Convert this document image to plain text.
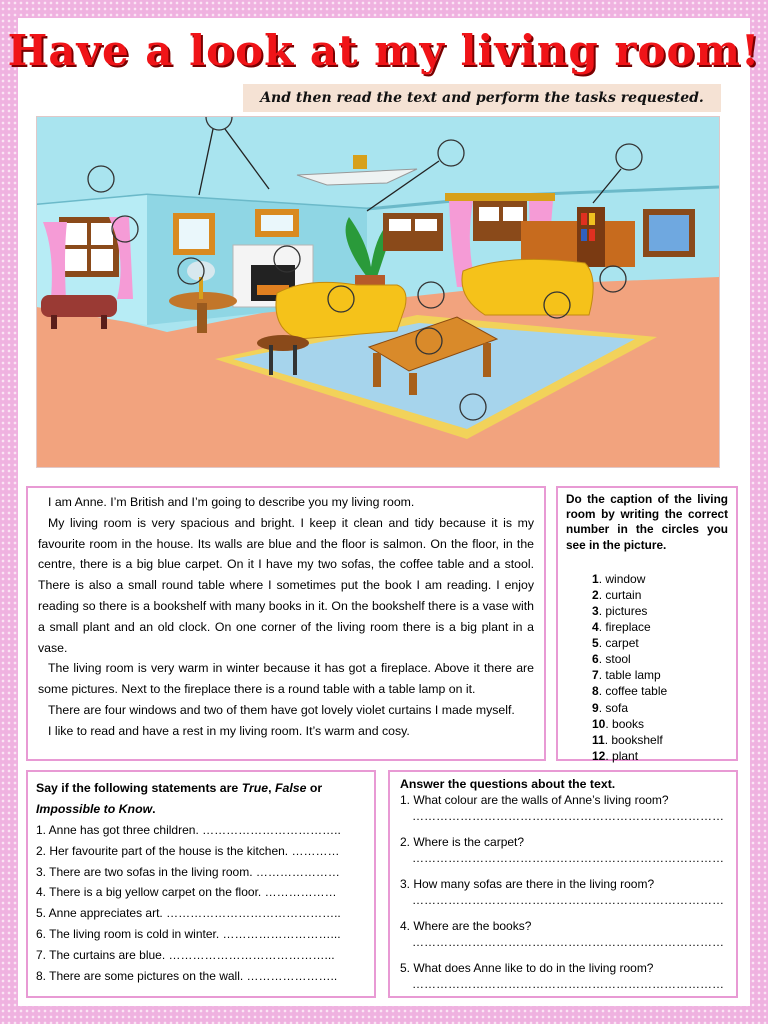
Have a look at my living room!
And then read the text and perform the tasks requested.

I am Anne. I’m British and I’m going to describe you my living room.

My living room is very spacious and bright. I keep it clean and tidy because it is my favourite room in the house. Its walls are blue and the floor is salmon. On the floor, in the centre, there is a big blue carpet. On it I have my two sofas, the coffee table and a stool. There is also a small round table where I sometimes put the book I am reading. I enjoy reading so there is a bookshelf with many books in it. On the bookshelf there is a vase with a small plant and an old clock. On one corner of the living room there is a big plant in a vase.

The living room is very warm in winter because it has got a fireplace. Above it there are some pictures. Next to the fireplace there is a round table with a table lamp on it.

There are four windows and two of them have got lovely violet curtains I made myself.

I like to read and have a rest in my living room. It’s warm and cosy.

Do the caption of the living room by writing the correct number in the circles you see in the picture.
1. window
2. curtain
3. pictures
4. fireplace
5. carpet
6. stool
7. table lamp
8. coffee table
9. sofa
10. books
11. bookshelf
12. plant
Say if the following statements are True, False or
Impossible to Know.
1. Anne has got three children. ……………………………..
2. Her favourite part of the house is the kitchen. …………
3. There are two sofas in the living room. …………………
4. There is a big yellow carpet on the floor. ………………
5. Anne appreciates art. ……………………………………..
6. The living room is cold in winter. ………………………...
7. The curtains are blue. …………………………………...
8. There are some pictures on the wall. …………………..
Answer the questions about the text.
1. What colour are the walls of Anne’s living room?
……………………………………………………………………
2. Where is the carpet?
……………………………………………………………………
3. How many sofas are there in the living room?
……………………………………………………………………
4. Where are the books?
……………………………………………………………………
5. What does Anne like to do in the living room?
……………………………………………………………………
